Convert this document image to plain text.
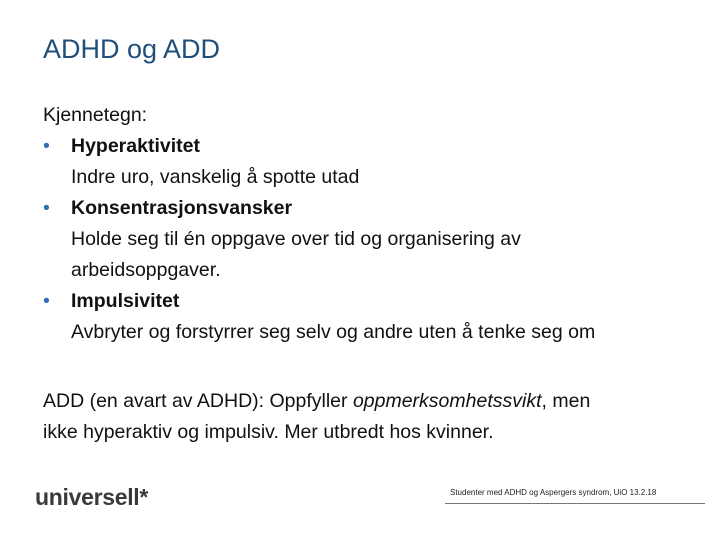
ADHD og ADD
Kjennetegn:
• Hyperaktivitet
Indre uro, vanskelig å spotte utad
• Konsentrasjonsvansker
Holde seg til én oppgave over tid og organisering av
arbeidsoppgaver.
• Impulsivitet
Avbryter og forstyrrer seg selv og andre uten å tenke seg om
ADD (en avart av ADHD): Oppfyller oppmerksomhetssvikt, men
ikke hyperaktiv og impulsiv. Mer utbredt hos kvinner.
universell*	Studenter med ADHD og Aspergers syndrom, UiO 13.2.18
